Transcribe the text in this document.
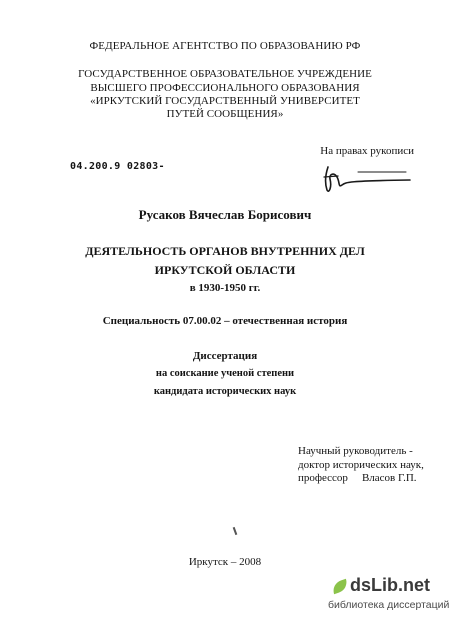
ФЕДЕРАЛЬНОЕ АГЕНТСТВО ПО ОБРАЗОВАНИЮ РФ
ГОСУДАРСТВЕННОЕ ОБРАЗОВАТЕЛЬНОЕ УЧРЕЖДЕНИЕ
ВЫСШЕГО ПРОФЕССИОНАЛЬНОГО ОБРАЗОВАНИЯ
«ИРКУТСКИЙ ГОСУДАРСТВЕННЫЙ УНИВЕРСИТЕТ
ПУТЕЙ СООБЩЕНИЯ»
На правах рукописи
04.200.9 02803-
Русаков Вячеслав Борисович
ДЕЯТЕЛЬНОСТЬ ОРГАНОВ ВНУТРЕННИХ ДЕЛ
ИРКУТСКОЙ ОБЛАСТИ
в 1930-1950 гг.
Специальность 07.00.02 – отечественная история
Диссертация
на соискание ученой степени
кандидата исторических наук
Научный руководитель -
доктор исторических наук,
профессор Власов Г.П.
Иркутск – 2008
dsLib.net
библиотека диссертаций
